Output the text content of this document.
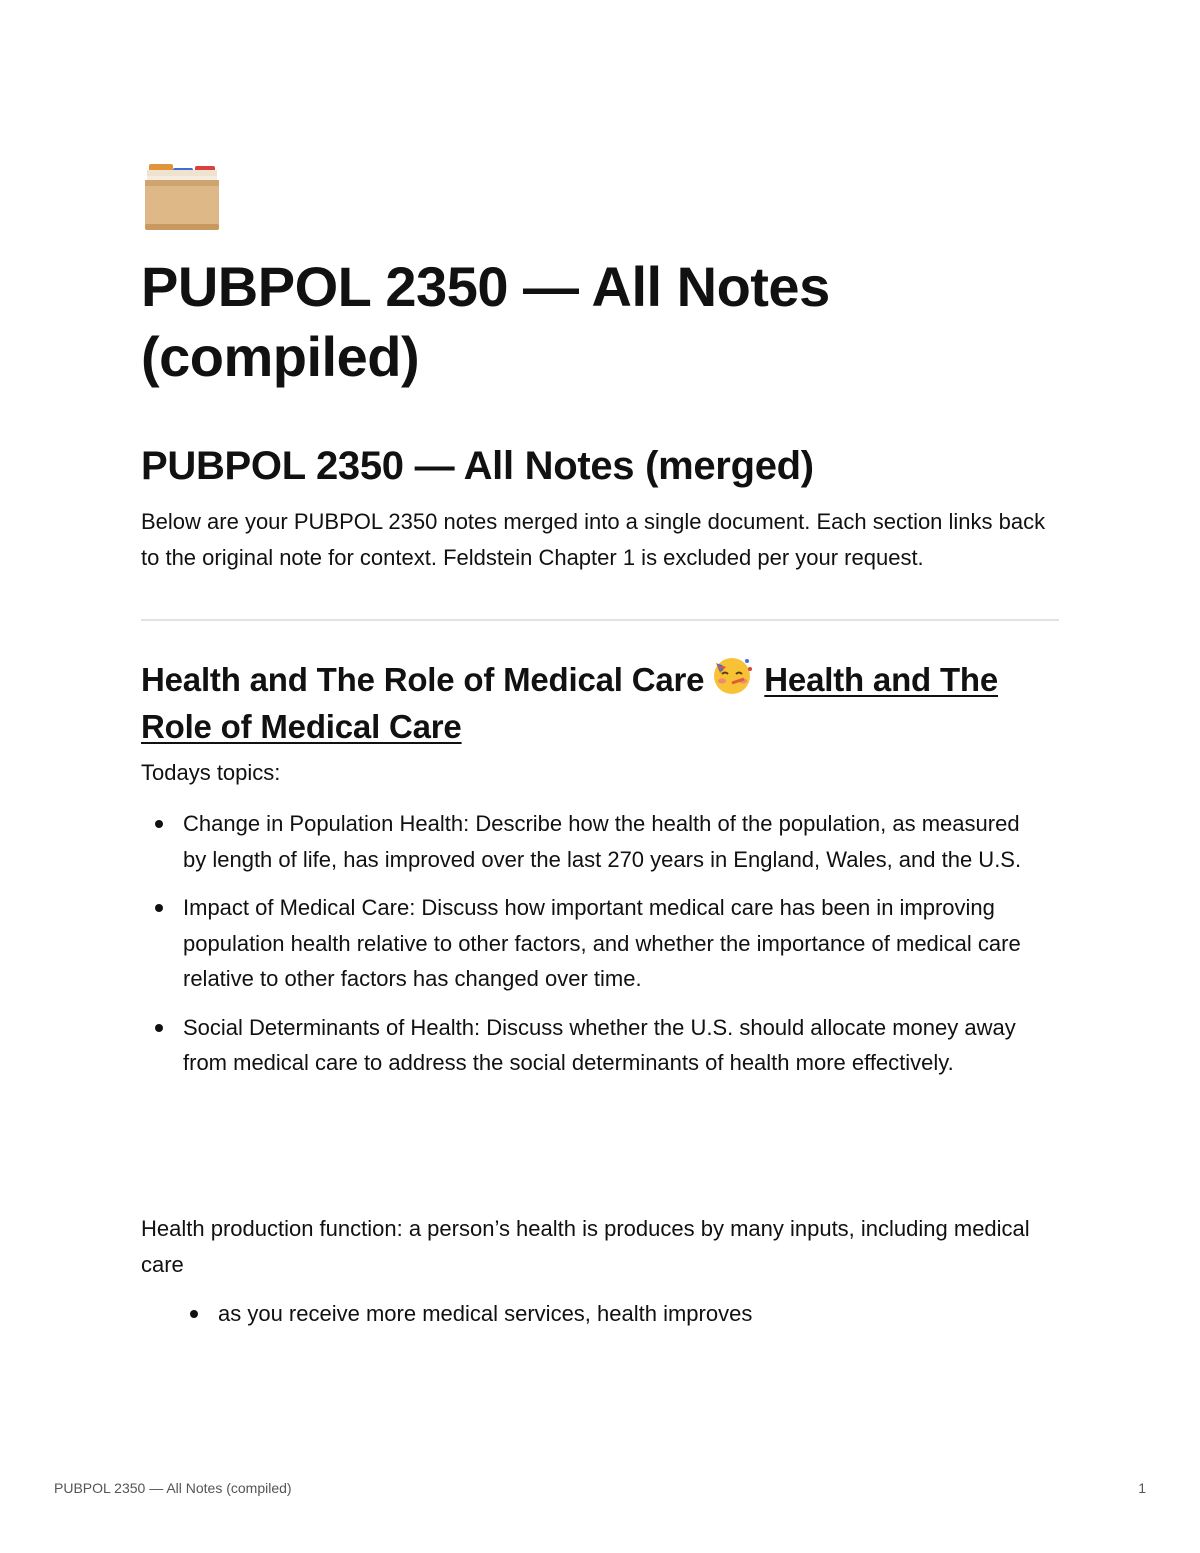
PUBPOL 2350 — All Notes (compiled)
PUBPOL 2350 — All Notes (merged)

Below are your PUBPOL 2350 notes merged into a single document. Each section links back to the original note for context. Feldstein Chapter 1 is excluded per your request.

Health and The Role of Medical Care Health and The Role of Medical Care

Todays topics:

Change in Population Health: Describe how the health of the population, as measured by length of life, has improved over the last 270 years in England, Wales, and the U.S.
Impact of Medical Care: Discuss how important medical care has been in improving population health relative to other factors, and whether the importance of medical care relative to other factors has changed over time.
Social Determinants of Health: Discuss whether the U.S. should allocate money away from medical care to address the social determinants of health more effectively.

Health production function: a person’s health is produces by many inputs, including medical care

as you receive more medical services, health improves
PUBPOL 2350 — All Notes (compiled)	1
